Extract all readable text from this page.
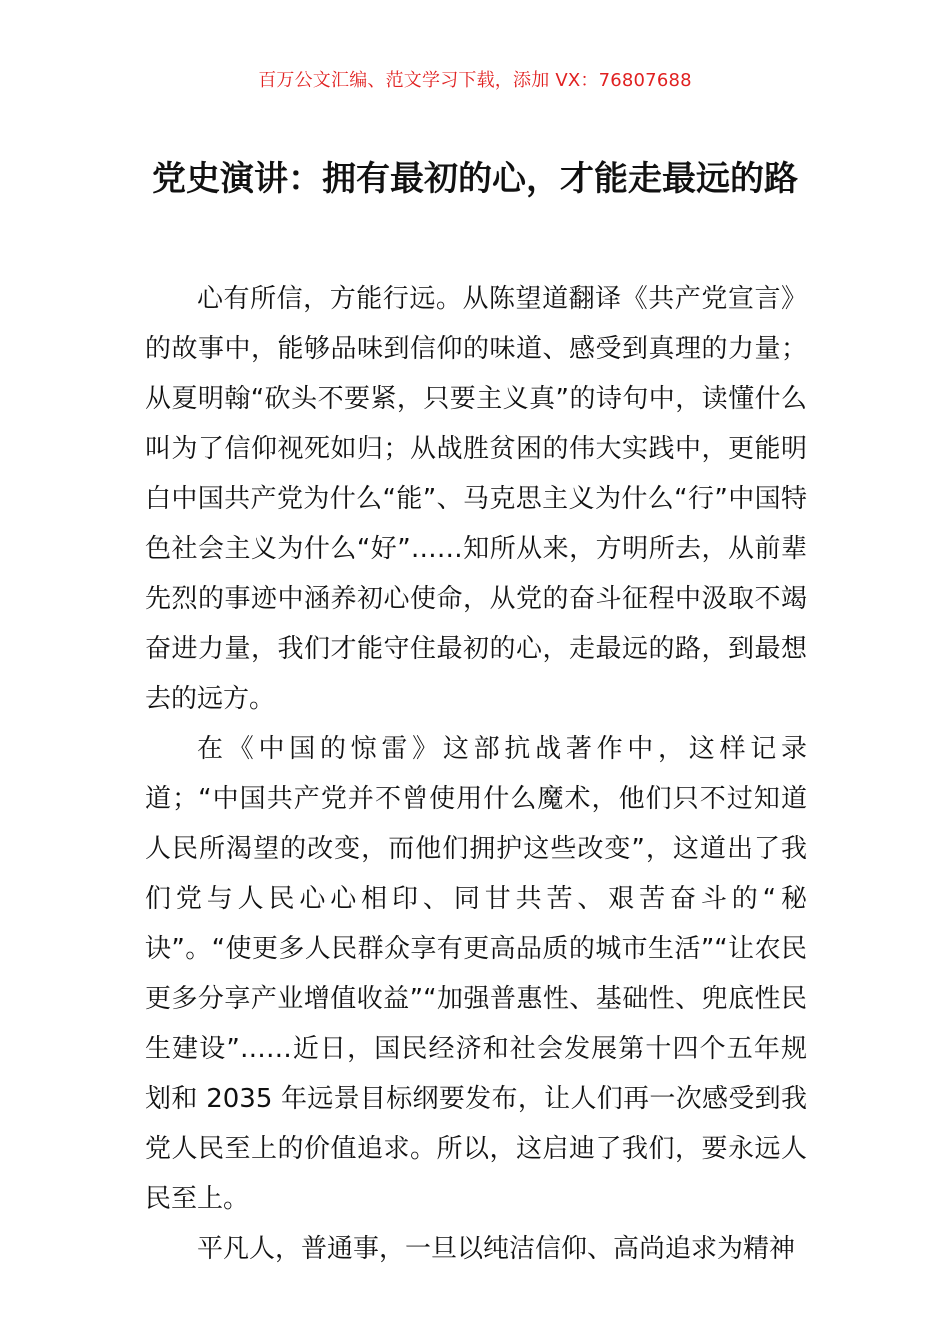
百万公文汇编、范文学习下载，添加 VX：76807688
党史演讲：拥有最初的心，才能走最远的路

心有所信，方能行远。从陈望道翻译《共产党宣言》的故事中，能够品味到信仰的味道、感受到真理的力量；从夏明翰“砍头不要紧，只要主义真”的诗句中，读懂什么叫为了信仰视死如归；从战胜贫困的伟大实践中，更能明白中国共产党为什么“能”、马克思主义为什么“行”中国特色社会主义为什么“好”……知所从来，方明所去，从前辈先烈的事迹中涵养初心使命，从党的奋斗征程中汲取不竭奋进力量，我们才能守住最初的心，走最远的路，到最想去的远方。

在《中国的惊雷》这部抗战著作中，这样记录道；“中国共产党并不曾使用什么魔术，他们只不过知道人民所渴望的改变，而他们拥护这些改变”，这道出了我们党与人民心心相印、同甘共苦、艰苦奋斗的“秘诀”。“使更多人民群众享有更高品质的城市生活”“让农民更多分享产业增值收益”“加强普惠性、基础性、兜底性民生建设”……近日，国民经济和社会发展第十四个五年规划和 2035 年远景目标纲要发布，让人们再一次感受到我党人民至上的价值追求。所以，这启迪了我们，要永远人民至上。

平凡人，普通事，一旦以纯洁信仰、高尚追求为精神
